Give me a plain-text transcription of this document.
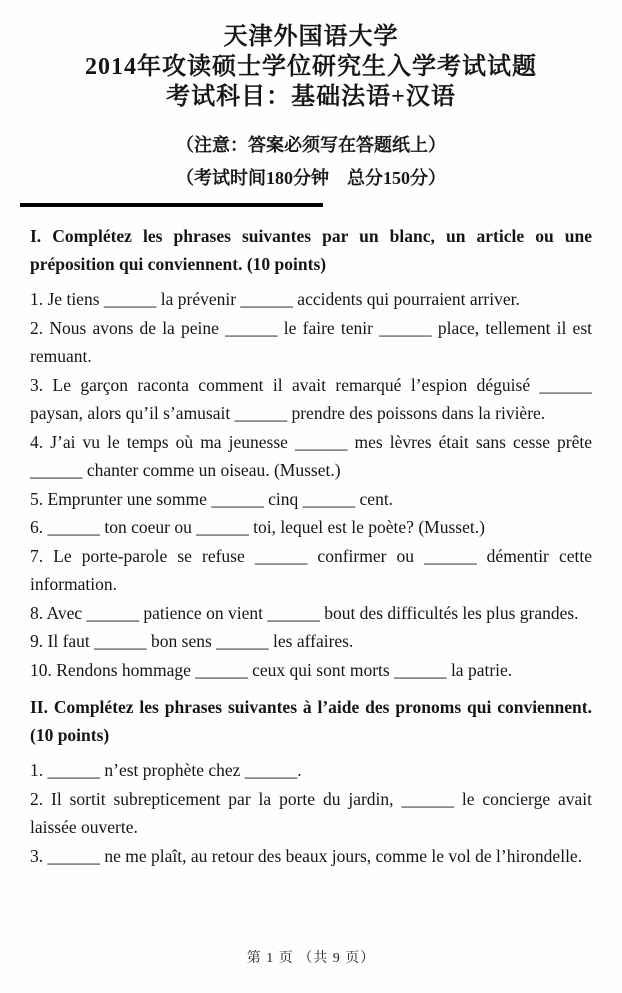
天津外国语大学

2014年攻读硕士学位研究生入学考试试题

考试科目：基础法语+汉语

（注意：答案必须写在答题纸上）

（考试时间180分钟　总分150分）

I. Complétez les phrases suivantes par un blanc, un article ou une préposition qui conviennent. (10 points)

1. Je tiens ______ la prévenir ______ accidents qui pourraient arriver.

2. Nous avons de la peine ______ le faire tenir ______ place, tellement il est remuant.

3. Le garçon raconta comment il avait remarqué l’espion déguisé ______ paysan, alors qu’il s’amusait ______ prendre des poissons dans la rivière.

4. J’ai vu le temps où ma jeunesse ______ mes lèvres était sans cesse prête ______ chanter comme un oiseau. (Musset.)

5. Emprunter une somme ______ cinq ______ cent.

6. ______ ton coeur ou ______ toi, lequel est le poète? (Musset.)

7. Le porte-parole se refuse ______ confirmer ou ______ démentir cette information.

8. Avec ______ patience on vient ______ bout des difficultés les plus grandes.

9. Il faut ______ bon sens ______ les affaires.

10. Rendons hommage ______ ceux qui sont morts ______ la patrie.

II. Complétez les phrases suivantes à l’aide des pronoms qui conviennent. (10 points)

1. ______ n’est prophète chez ______.

2. Il sortit subrepticement par la porte du jardin, ______ le concierge avait laissée ouverte.

3. ______ ne me plaît, au retour des beaux jours, comme le vol de l’hirondelle.

第 1 页 （共 9 页）
